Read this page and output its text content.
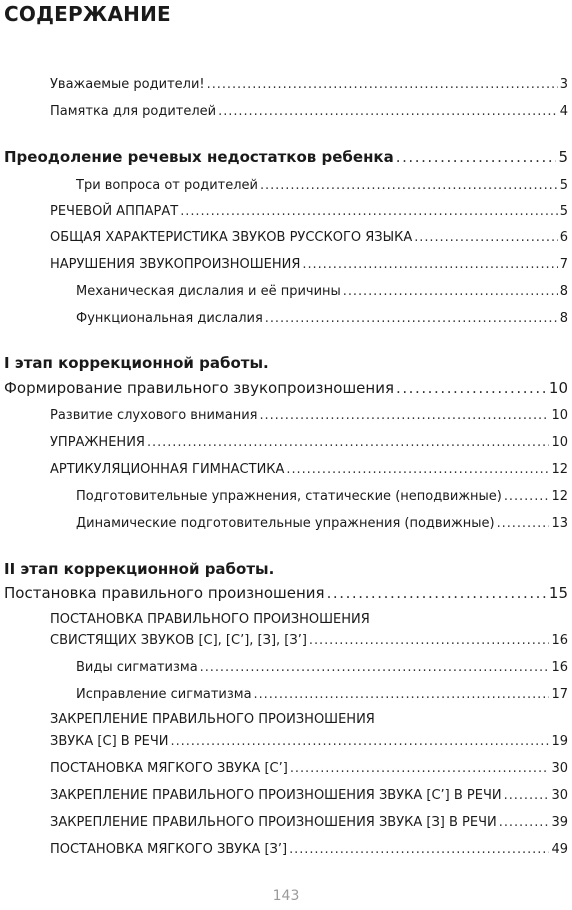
СОДЕРЖАНИЕ
Уважаемые родители! . . .	3
Памятка для родителей . . .	4
Преодоление речевых недостатков ребенка . . .	5
Три вопроса от родителей . . .	5
РЕЧЕВОЙ АППАРАТ . . .	5
ОБЩАЯ ХАРАКТЕРИСТИКА ЗВУКОВ РУССКОГО ЯЗЫКА . . .	6
НАРУШЕНИЯ ЗВУКОПРОИЗНОШЕНИЯ . . .	7
Механическая дислалия и её причины . . .	8
Функциональная дислалия . . .	8
I этап коррекционной работы.
Формирование правильного звукопроизношения . . .	10
Развитие слухового внимания . . .	10
УПРАЖНЕНИЯ . . .	10
АРТИКУЛЯЦИОННАЯ ГИМНАСТИКА . . .	12
Подготовительные упражнения, статические (неподвижные) . . .	12
Динамические подготовительные упражнения (подвижные) . . .	13
II этап коррекционной работы.
Постановка правильного произношения . . .	15
ПОСТАНОВКА ПРАВИЛЬНОГО ПРОИЗНОШЕНИЯ
СВИСТЯЩИХ ЗВУКОВ [С], [С’], [З], [З’] . . .	16
Виды сигматизма . . .	16
Исправление сигматизма . . .	17
ЗАКРЕПЛЕНИЕ ПРАВИЛЬНОГО ПРОИЗНОШЕНИЯ
ЗВУКА [С] В РЕЧИ . . .	19
ПОСТАНОВКА МЯГКОГО ЗВУКА [С’] . . .	30
ЗАКРЕПЛЕНИЕ ПРАВИЛЬНОГО ПРОИЗНОШЕНИЯ ЗВУКА [С’] В РЕЧИ . . .	30
ЗАКРЕПЛЕНИЕ ПРАВИЛЬНОГО ПРОИЗНОШЕНИЯ ЗВУКА [З] В РЕЧИ . . .	39
ПОСТАНОВКА МЯГКОГО ЗВУКА [З’] . . .	49
143
